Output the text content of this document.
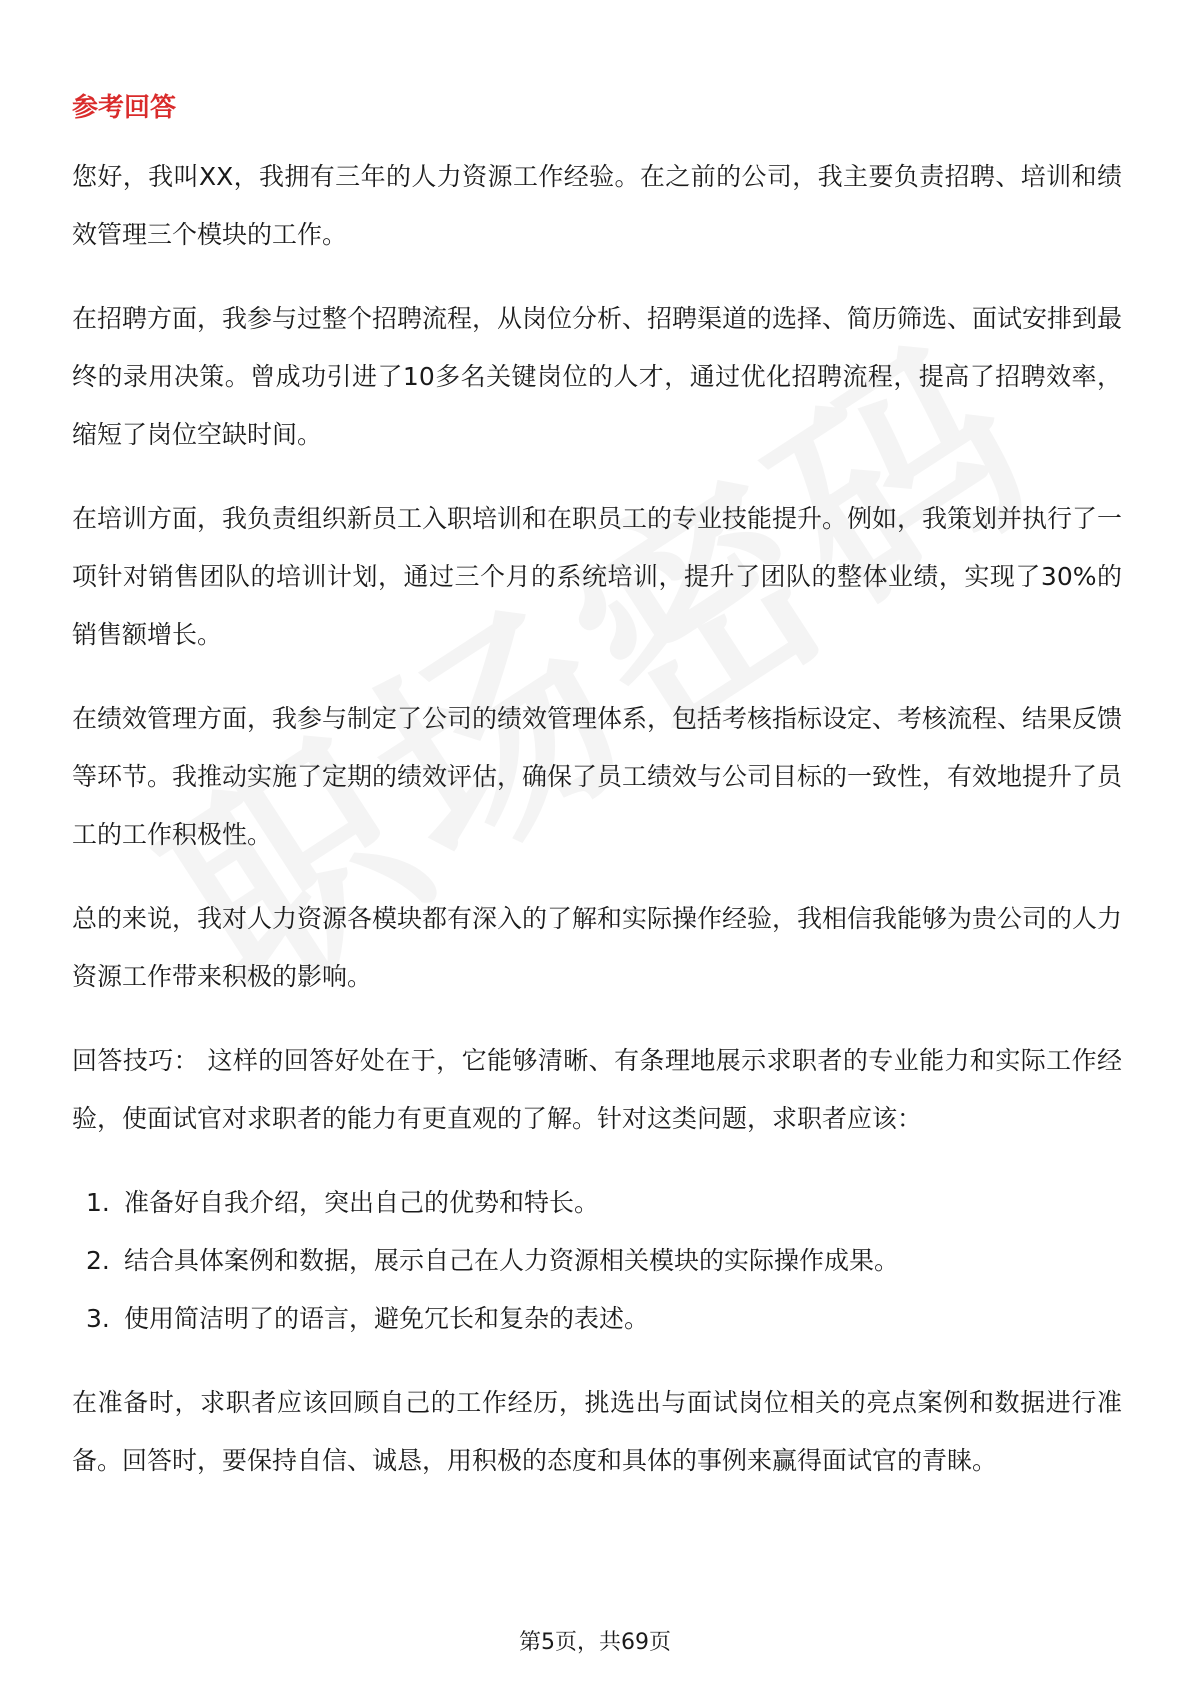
参考回答

您好，我叫XX，我拥有三年的人力资源工作经验。在之前的公司，我主要负责招聘、培训和绩效管理三个模块的工作。

在招聘方面，我参与过整个招聘流程，从岗位分析、招聘渠道的选择、简历筛选、面试安排到最终的录用决策。曾成功引进了10多名关键岗位的人才，通过优化招聘流程，提高了招聘效率，缩短了岗位空缺时间。

在培训方面，我负责组织新员工入职培训和在职员工的专业技能提升。例如，我策划并执行了一项针对销售团队的培训计划，通过三个月的系统培训，提升了团队的整体业绩，实现了30%的销售额增长。

在绩效管理方面，我参与制定了公司的绩效管理体系，包括考核指标设定、考核流程、结果反馈等环节。我推动实施了定期的绩效评估，确保了员工绩效与公司目标的一致性，有效地提升了员工的工作积极性。

总的来说，我对人力资源各模块都有深入的了解和实际操作经验，我相信我能够为贵公司的人力资源工作带来积极的影响。

回答技巧： 这样的回答好处在于，它能够清晰、有条理地展示求职者的专业能力和实际工作经验，使面试官对求职者的能力有更直观的了解。针对这类问题，求职者应该：

1. 准备好自我介绍，突出自己的优势和特长。
2. 结合具体案例和数据，展示自己在人力资源相关模块的实际操作成果。
3. 使用简洁明了的语言，避免冗长和复杂的表述。

在准备时，求职者应该回顾自己的工作经历，挑选出与面试岗位相关的亮点案例和数据进行准备。回答时，要保持自信、诚恳，用积极的态度和具体的事例来赢得面试官的青睐。

第5页，共69页
